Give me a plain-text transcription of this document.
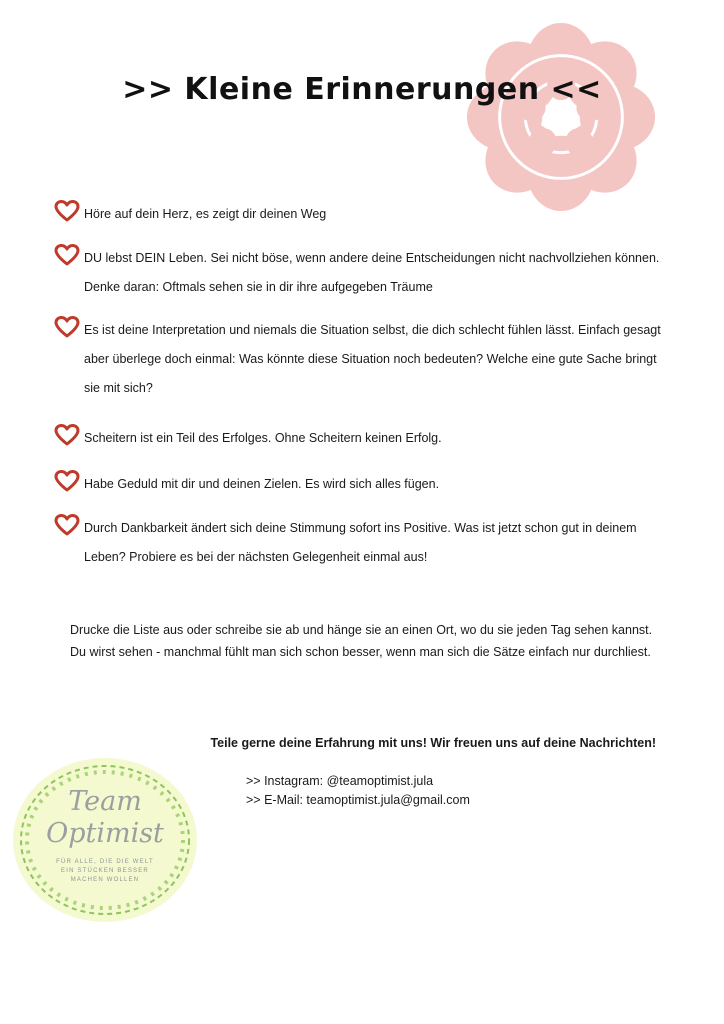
>> Kleine Erinnerungen <<
Höre auf dein Herz, es zeigt dir deinen Weg
DU lebst DEIN Leben. Sei nicht böse, wenn andere deine Entscheidungen nicht nachvollziehen können. Denke daran: Oftmals sehen sie in dir ihre aufgegeben Träume
Es ist deine Interpretation und niemals die Situation selbst, die dich schlecht fühlen lässt. Einfach gesagt aber überlege doch einmal: Was könnte diese Situation noch bedeuten? Welche eine gute Sache bringt sie mit sich?
Scheitern ist ein Teil des Erfolges. Ohne Scheitern keinen Erfolg.
Habe Geduld mit dir und deinen Zielen. Es wird sich alles fügen.
Durch Dankbarkeit ändert sich deine Stimmung sofort ins Positive. Was ist jetzt schon gut in deinem Leben? Probiere es bei der nächsten Gelegenheit einmal aus!
Drucke die Liste aus oder schreibe sie ab und hänge sie an einen Ort, wo du sie jeden Tag sehen kannst. Du wirst sehen - manchmal fühlt man sich schon besser, wenn man sich die Sätze einfach nur durchliest.
Teile gerne deine Erfahrung mit uns! Wir freuen uns auf deine Nachrichten!
>> Instagram: @teamoptimist.jula
>> E-Mail: teamoptimist.jula@gmail.com
Team
Optimist
FÜR ALLE, DIE DIE WELT
EIN STÜCKEN BESSER
MACHEN WOLLEN
